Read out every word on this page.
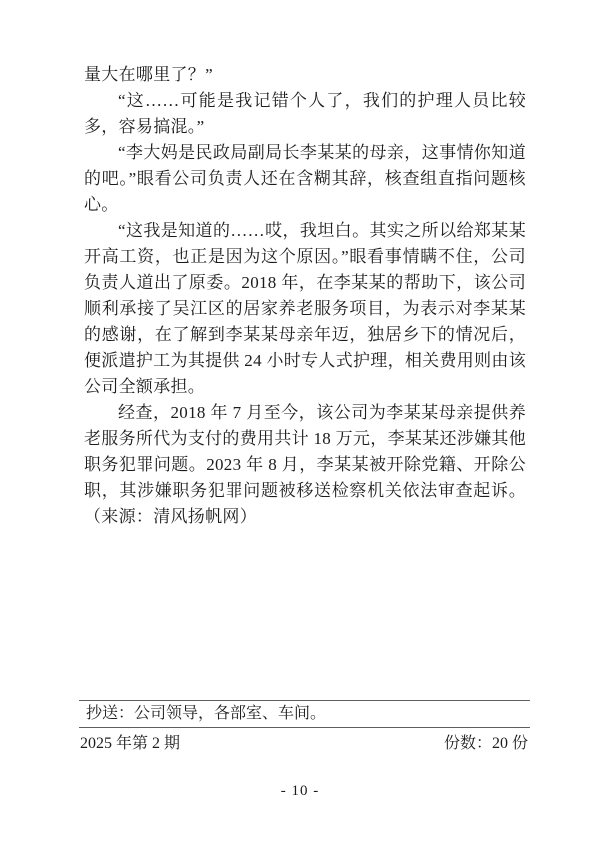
量大在哪里了？”

“这……可能是我记错个人了，我们的护理人员比较多，容易搞混。”

“李大妈是民政局副局长李某某的母亲，这事情你知道的吧。”眼看公司负责人还在含糊其辞，核查组直指问题核心。

“这我是知道的……哎，我坦白。其实之所以给郑某某开高工资，也正是因为这个原因。”眼看事情瞒不住，公司负责人道出了原委。2018 年，在李某某的帮助下，该公司顺利承接了吴江区的居家养老服务项目，为表示对李某某的感谢，在了解到李某某母亲年迈，独居乡下的情况后，便派遣护工为其提供 24 小时专人式护理，相关费用则由该公司全额承担。

经查，2018 年 7 月至今，该公司为李某某母亲提供养老服务所代为支付的费用共计 18 万元，李某某还涉嫌其他职务犯罪问题。2023 年 8 月，李某某被开除党籍、开除公职，其涉嫌职务犯罪问题被移送检察机关依法审查起诉。（来源：清风扬帆网）

抄送：公司领导，各部室、车间。
2025 年第 2 期	份数：20 份
- 10 -
